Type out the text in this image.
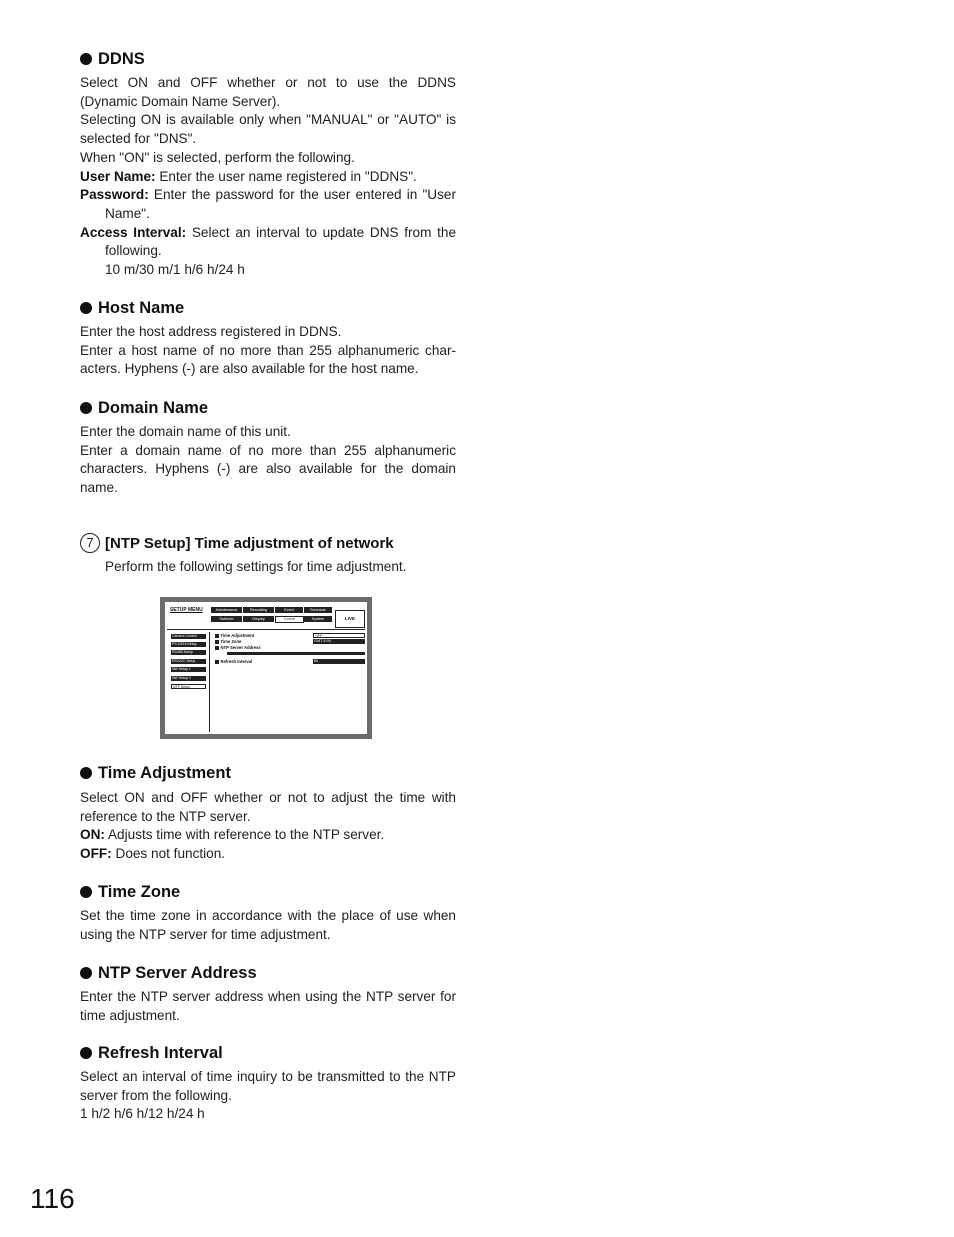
DDNS

Select ON and OFF whether or not to use the DDNS (Dynamic Domain Name Server).

Selecting ON is available only when "MANUAL" or "AUTO" is selected for "DNS".

When "ON" is selected, perform the following.

User Name: Enter the user name registered in "DDNS".

Password: Enter the password for the user entered in "User Name".

Access Interval: Select an interval to update DNS from the following.

10 m/30 m/1 h/6 h/24 h

Host Name

Enter the host address registered in DDNS.

Enter a host name of no more than 255 alphanumeric char-acters. Hyphens (-) are also available for the host name.

Domain Name

Enter the domain name of this unit.

Enter a domain name of no more than 255 alphanumeric characters. Hyphens (-) are also available for the domain name.

7 [NTP Setup] Time adjustment of network
Perform the following settings for time adjustment.
SETUP MENU	Maintenance	Recording	Event	Schedule
Switcher	Display	Comm	System	LIVE
Camera Control
PS·DATA Setup
RS485 Setup
RS232C Setup
NW Setup 1
NW Setup 2
NTP Setup
Time Adjustment
Time Zone
NTP Server Address
Refresh Interval
OFF
GMT-5:00
6h
Time Adjustment

Select ON and OFF whether or not to adjust the time with reference to the NTP server.

ON: Adjusts time with reference to the NTP server.

OFF: Does not function.

Time Zone

Set the time zone in accordance with the place of use when using the NTP server for time adjustment.

NTP Server Address

Enter the NTP server address when using the NTP server for time adjustment.

Refresh Interval

Select an interval of time inquiry to be transmitted to the NTP server from the following.

1 h/2 h/6 h/12 h/24 h

116
